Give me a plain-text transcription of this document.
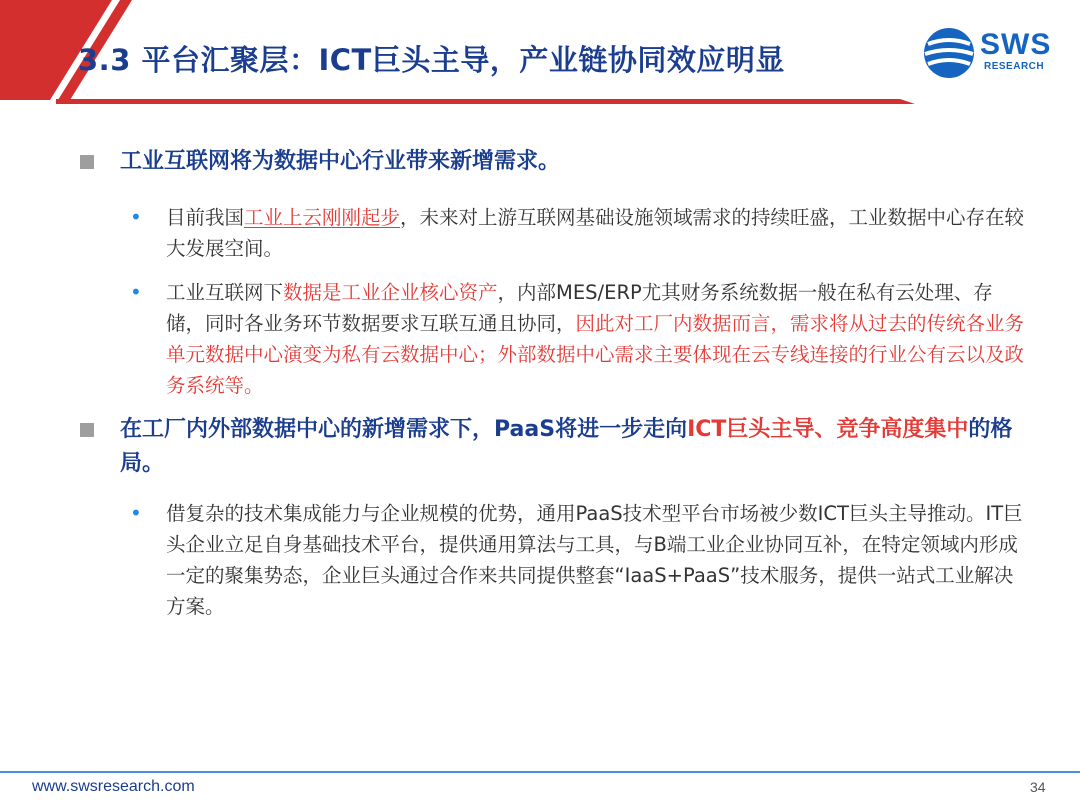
3.3 平台汇聚层：ICT巨头主导，产业链协同效应明显	SWS
RESEARCH
工业互联网将为数据中心行业带来新增需求。
•	目前我国工业上云刚刚起步，未来对上游互联网基础设施领域需求的持续旺盛，工业数据中心存在较大发展空间。
•	工业互联网下数据是工业企业核心资产，内部MES/ERP尤其财务系统数据一般在私有云处理、存储，同时各业务环节数据要求互联互通且协同，因此对工厂内数据而言，需求将从过去的传统各业务单元数据中心演变为私有云数据中心；外部数据中心需求主要体现在云专线连接的行业公有云以及政务系统等。
在工厂内外部数据中心的新增需求下，PaaS将进一步走向ICT巨头主导、竞争高度集中的格局。
•	借复杂的技术集成能力与企业规模的优势，通用PaaS技术型平台市场被少数ICT巨头主导推动。IT巨头企业立足自身基础技术平台，提供通用算法与工具，与B端工业企业协同互补，在特定领域内形成一定的聚集势态，企业巨头通过合作来共同提供整套“IaaS+PaaS”技术服务，提供一站式工业解决方案。
www.swsresearch.com	34
